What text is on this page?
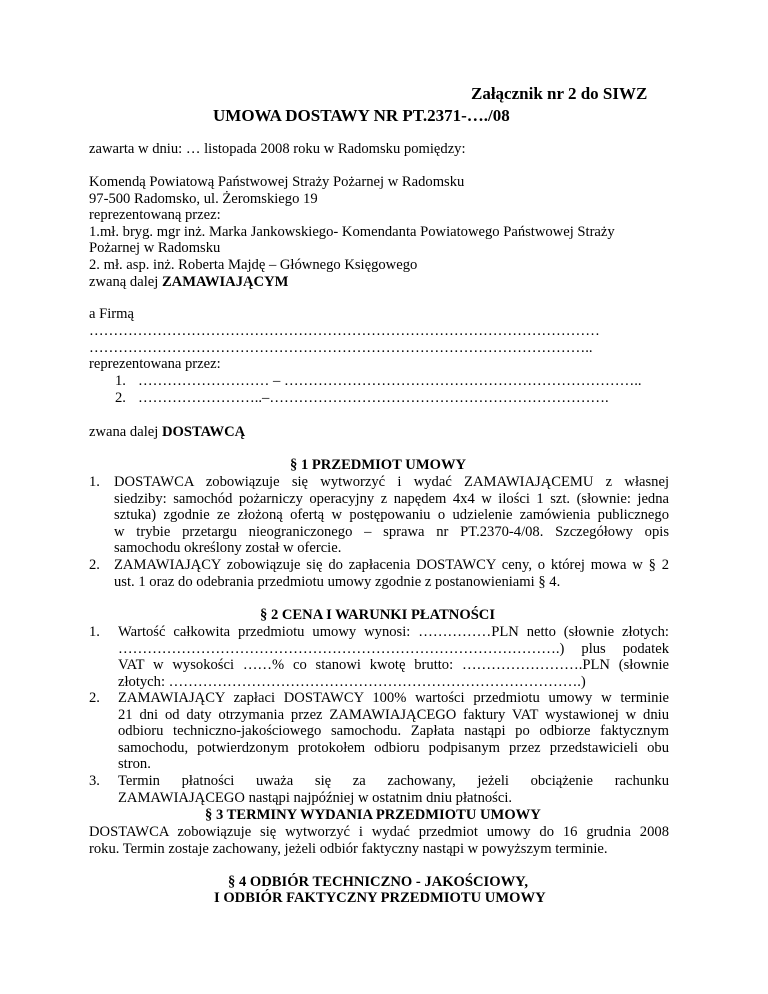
Załącznik nr 2 do SIWZ
UMOWA DOSTAWY NR PT.2371-…./08
zawarta w dniu: … listopada 2008 roku w Radomsku pomiędzy:
Komendą Powiatową Państwowej Straży Pożarnej w Radomsku
97-500 Radomsko, ul. Żeromskiego 19
reprezentowaną przez:
1.mł. bryg. mgr inż. Marka Jankowskiego- Komendanta Powiatowego Państwowej Straży
Pożarnej w Radomsku
2. mł. asp. inż. Roberta Majdę – Głównego Księgowego
zwaną dalej ZAMAWIAJĄCYM
a Firmą
……………………………………………………………………………………………
…………………………………………………………………………………………..
reprezentowana przez:
1. ……………………… – ………………………………………………………………..
2. ……………………..–…………………………………………………………….
zwana dalej DOSTAWCĄ
§ 1 PRZEDMIOT UMOWY
1. DOSTAWCA zobowiązuje się wytworzyć i wydać ZAMAWIAJĄCEMU z własnej
siedziby: samochód pożarniczy operacyjny z napędem 4x4 w ilości 1 szt. (słownie: jedna
sztuka) zgodnie ze złożoną ofertą w postępowaniu o udzielenie zamówienia publicznego
w trybie przetargu nieograniczonego – sprawa nr PT.2370-4/08. Szczegółowy opis
samochodu określony został w ofercie.
2. ZAMAWIAJĄCY zobowiązuje się do zapłacenia DOSTAWCY ceny, o której mowa w § 2
ust. 1 oraz do odebrania przedmiotu umowy zgodnie z postanowieniami § 4.
§ 2 CENA I WARUNKI PŁATNOŚCI
1. Wartość całkowita przedmiotu umowy wynosi: ……………PLN netto (słownie złotych:
……………………………………………………………………………….) plus podatek
VAT w wysokości ……% co stanowi kwotę brutto: …………………….PLN (słownie
złotych: ………………………………………………………………………….)
2. ZAMAWIAJĄCY zapłaci DOSTAWCY 100% wartości przedmiotu umowy w terminie
21 dni od daty otrzymania przez ZAMAWIAJĄCEGO faktury VAT wystawionej w dniu
odbioru techniczno-jakościowego samochodu. Zapłata nastąpi po odbiorze faktycznym
samochodu, potwierdzonym protokołem odbioru podpisanym przez przedstawicieli obu
stron.
3. Termin płatności uważa się za zachowany, jeżeli obciążenie rachunku
ZAMAWIAJĄCEGO nastąpi najpóźniej w ostatnim dniu płatności.
§ 3 TERMINY WYDANIA PRZEDMIOTU UMOWY
DOSTAWCA zobowiązuje się wytworzyć i wydać przedmiot umowy do 16 grudnia 2008
roku. Termin zostaje zachowany, jeżeli odbiór faktyczny nastąpi w powyższym terminie.
§ 4 ODBIÓR TECHNICZNO - JAKOŚCIOWY,
I ODBIÓR FAKTYCZNY PRZEDMIOTU UMOWY
